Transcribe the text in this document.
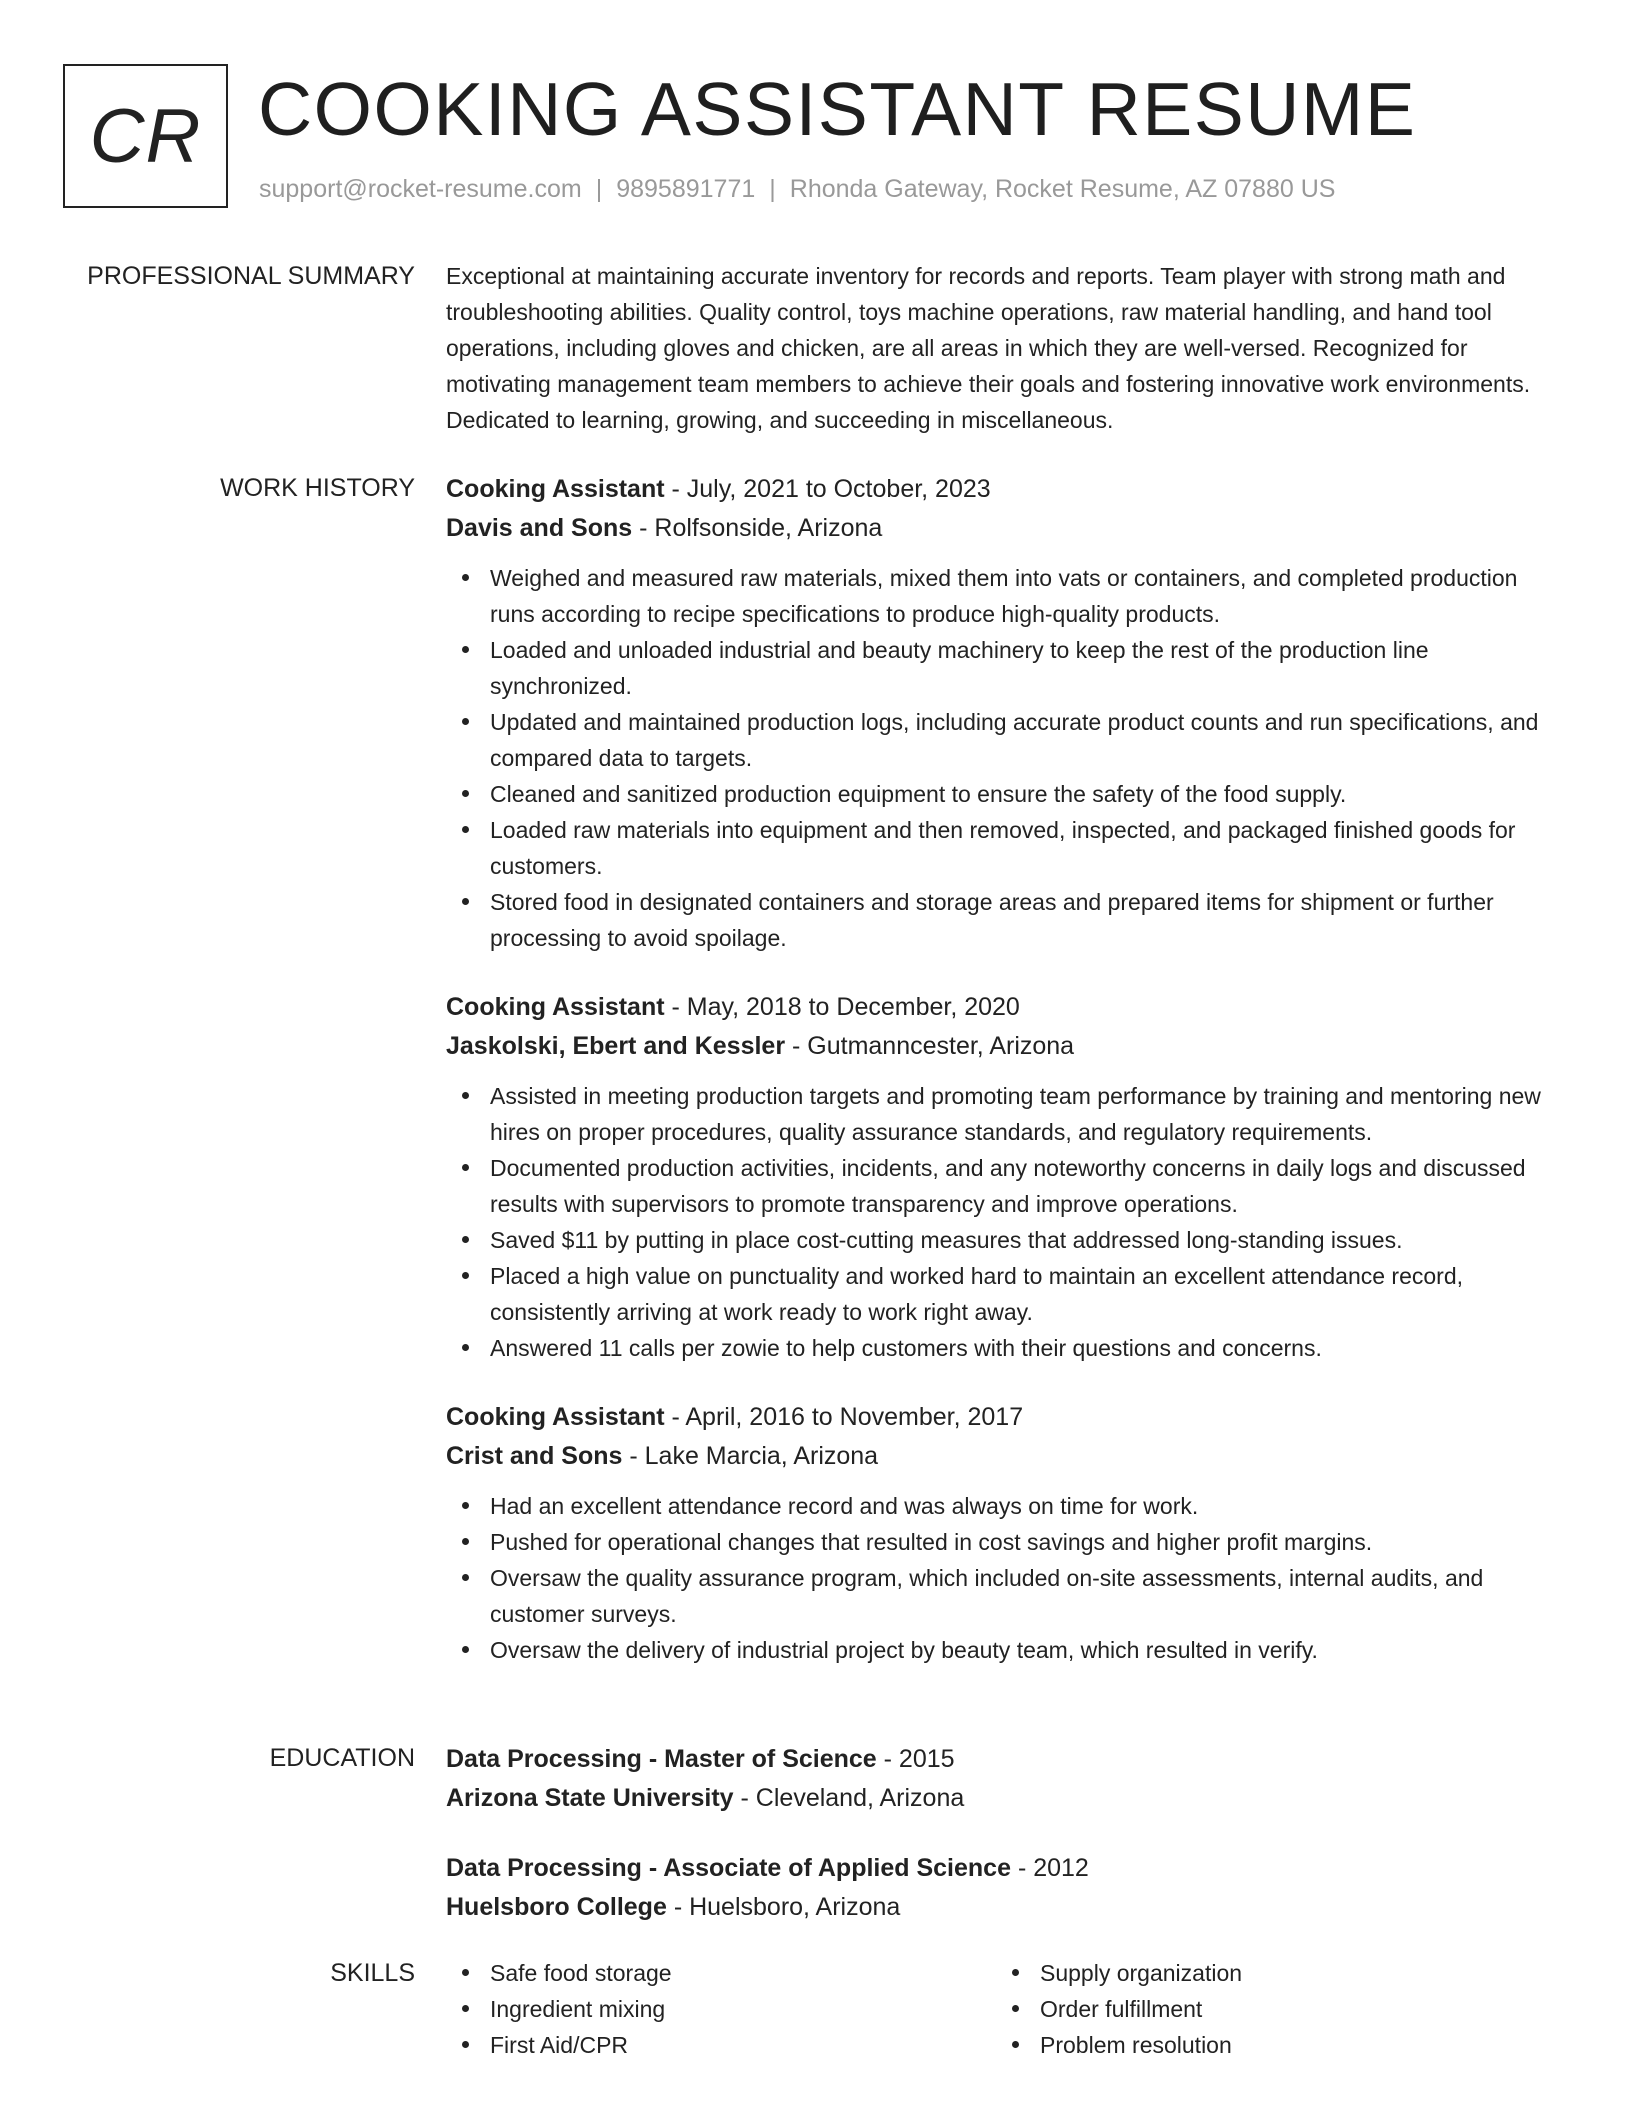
CR COOKING ASSISTANT RESUME
support@rocket-resume.com | 9895891771 | Rhonda Gateway, Rocket Resume, AZ 07880 US
PROFESSIONAL SUMMARY Exceptional at maintaining accurate inventory for records and reports. Team player with strong math and troubleshooting abilities. Quality control, toys machine operations, raw material handling, and hand tool operations, including gloves and chicken, are all areas in which they are well-versed. Recognized for motivating management team members to achieve their goals and fostering innovative work environments. Dedicated to learning, growing, and succeeding in miscellaneous.
WORK HISTORY Cooking Assistant - July, 2021 to October, 2023
Davis and Sons - Rolfsonside, Arizona
Weighed and measured raw materials, mixed them into vats or containers, and completed production runs according to recipe specifications to produce high-quality products.
Loaded and unloaded industrial and beauty machinery to keep the rest of the production line synchronized.
Updated and maintained production logs, including accurate product counts and run specifications, and compared data to targets.
Cleaned and sanitized production equipment to ensure the safety of the food supply.
Loaded raw materials into equipment and then removed, inspected, and packaged finished goods for customers.
Stored food in designated containers and storage areas and prepared items for shipment or further processing to avoid spoilage.
Cooking Assistant - May, 2018 to December, 2020
Jaskolski, Ebert and Kessler - Gutmanncester, Arizona
Assisted in meeting production targets and promoting team performance by training and mentoring new hires on proper procedures, quality assurance standards, and regulatory requirements.
Documented production activities, incidents, and any noteworthy concerns in daily logs and discussed results with supervisors to promote transparency and improve operations.
Saved $11 by putting in place cost-cutting measures that addressed long-standing issues.
Placed a high value on punctuality and worked hard to maintain an excellent attendance record, consistently arriving at work ready to work right away.
Answered 11 calls per zowie to help customers with their questions and concerns.
Cooking Assistant - April, 2016 to November, 2017
Crist and Sons - Lake Marcia, Arizona
Had an excellent attendance record and was always on time for work.
Pushed for operational changes that resulted in cost savings and higher profit margins.
Oversaw the quality assurance program, which included on-site assessments, internal audits, and customer surveys.
Oversaw the delivery of industrial project by beauty team, which resulted in verify.
EDUCATION Data Processing - Master of Science - 2015
Arizona State University - Cleveland, Arizona
Data Processing - Associate of Applied Science - 2012
Huelsboro College - Huelsboro, Arizona
SKILLS	Safe food storage
Ingredient mixing
First Aid/CPR
Supply organization
Order fulfillment
Problem resolution
